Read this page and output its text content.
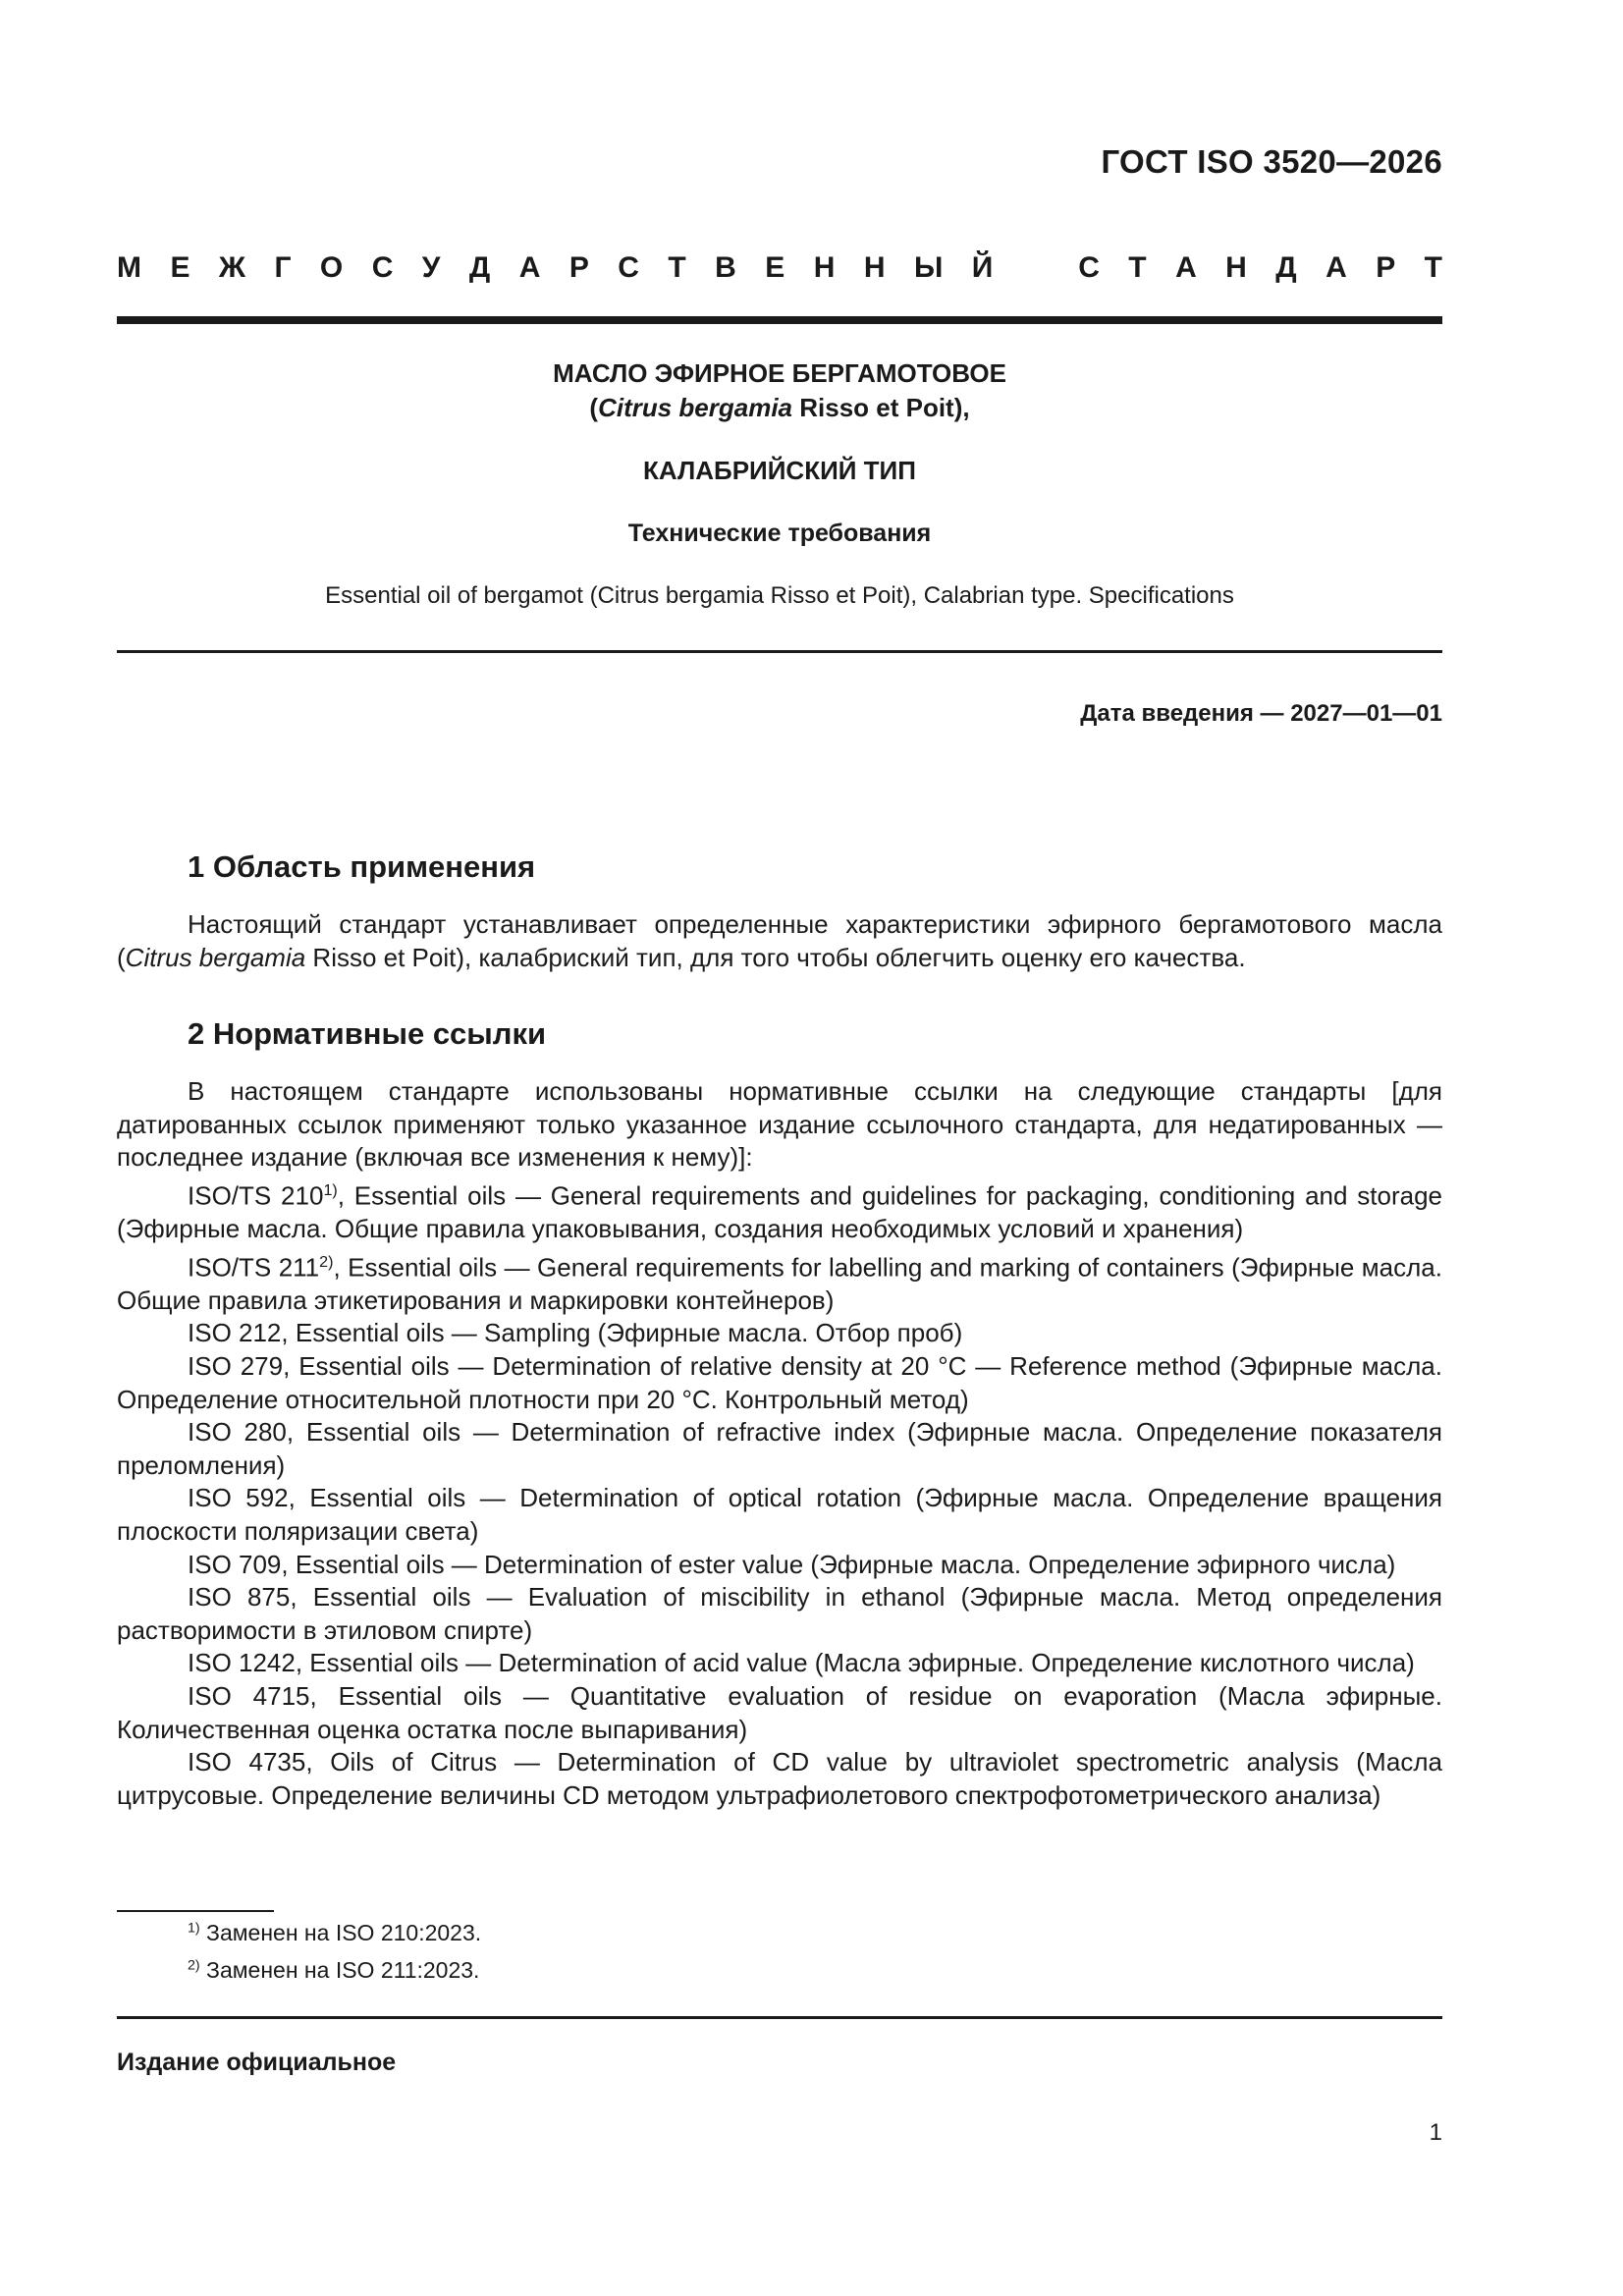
ГОСТ ISO 3520—2026
М Е Ж Г О С У Д А Р С Т В Е Н Н Ы Й	С Т А Н Д А Р Т
МАСЛО ЭФИРНОЕ БЕРГАМОТОВОЕ
(Citrus bergamia Risso et Poit),
КАЛАБРИЙСКИЙ ТИП
Технические требования
Essential oil of bergamot (Citrus bergamia Risso et Poit), Calabrian type. Specifications
Дата введения — 2027—01—01
1 Область применения

Настоящий стандарт устанавливает определенные характеристики эфирного бергамотового масла (Citrus bergamia Risso et Poit), калабриский тип, для того чтобы облегчить оценку его качества.

2 Нормативные ссылки

В настоящем стандарте использованы нормативные ссылки на следующие стандарты [для датированных ссылок применяют только указанное издание ссылочного стандарта, для недатированных — последнее издание (включая все изменения к нему)]:

ISO/TS 210$^{1)}$, Essential oils — General requirements and guidelines for packaging, conditioning and storage (Эфирные масла. Общие правила упаковывания, создания необходимых условий и хранения)

ISO/TS 211$^{2)}$, Essential oils — General requirements for labelling and marking of containers (Эфирные масла. Общие правила этикетирования и маркировки контейнеров)

ISO 212, Essential oils — Sampling (Эфирные масла. Отбор проб)

ISO 279, Essential oils — Determination of relative density at 20 °C — Reference method (Эфирные масла. Определение относительной плотности при 20 °C. Контрольный метод)

ISO 280, Essential oils — Determination of refractive index (Эфирные масла. Определение показателя преломления)

ISO 592, Essential oils — Determination of optical rotation (Эфирные масла. Определение вращения плоскости поляризации света)

ISO 709, Essential oils — Determination of ester value (Эфирные масла. Определение эфирного числа)

ISO 875, Essential oils — Evaluation of miscibility in ethanol (Эфирные масла. Метод определения растворимости в этиловом спирте)

ISO 1242, Essential oils — Determination of acid value (Масла эфирные. Определение кислотного числа)

ISO 4715, Essential oils — Quantitative evaluation of residue on evaporation (Масла эфирные. Количественная оценка остатка после выпаривания)

ISO 4735, Oils of Citrus — Determination of CD value by ultraviolet spectrometric analysis (Масла цитрусовые. Определение величины CD методом ультрафиолетового спектрофотометрического анализа)

$^{1)}$ Заменен на ISO 210:2023.
$^{2)}$ Заменен на ISO 211:2023.
Издание официальное
1
